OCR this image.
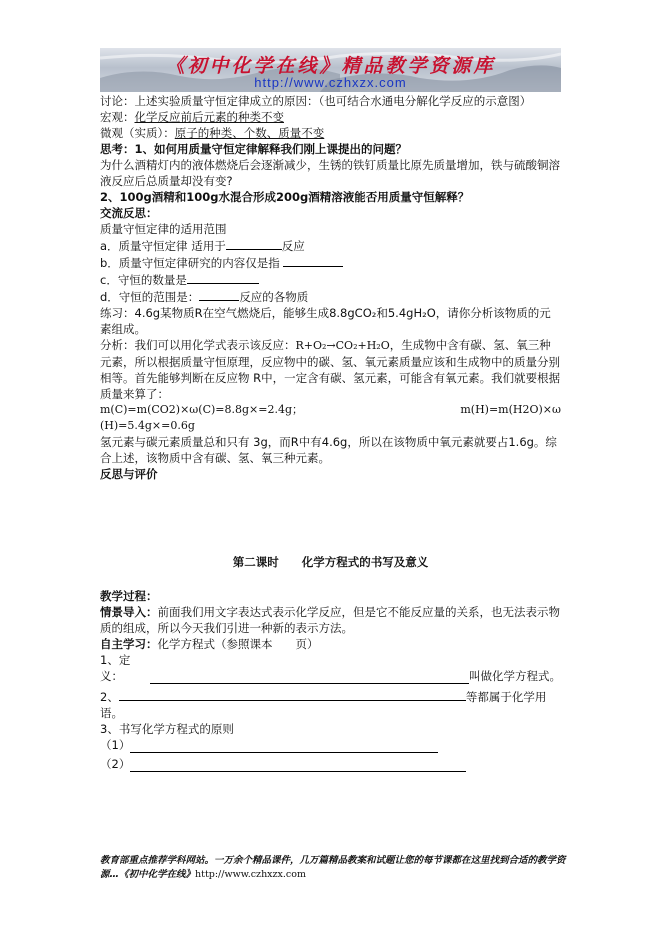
《初中化学在线》精品教学资源库
http://www.czhxzx.com

讨论：上述实验质量守恒定律成立的原因：（也可结合水通电分解化学反应的示意图）

宏观：化学反应前后元素的种类不变

微观（实质）：原子的种类、个数、质量不变

思考：1、如何用质量守恒定律解释我们刚上课提出的问题？

为什么酒精灯内的液体燃烧后会逐渐减少，生锈的铁钉质量比原先质量增加，铁与硫酸铜溶液反应后总质量却没有变?

2、100g酒精和100g水混合形成200g酒精溶液能否用质量守恒解释？

交流反思：

质量守恒定律的适用范围

a．质量守恒定律 适用于	反应

b．质量守恒定律研究的内容仅是指

c．守恒的数量是

d．守恒的范围是：	反应的各物质

练习：4.6g某物质R在空气燃烧后，能够生成8.8gCO₂和5.4gH₂O，请你分析该物质的元素组成。

分析：我们可以用化学式表示该反应：R+O₂→CO₂+H₂O，生成物中含有碳、氢、氧三种元素，所以根据质量守恒原理，反应物中的碳、氢、氧元素质量应该和生成物中的质量分别相等。首先能够判断在反应物 R中，一定含有碳、氢元素，可能含有氧元素。我们就要根据质量来算了：

m(C)=m(CO2)×ω(C)=8.8g×=2.4g；	m(H)=m(H2O)×ω

(H)=5.4g×=0.6g

氢元素与碳元素质量总和只有 3g，而R中有4.6g，所以在该物质中氧元素就要占1.6g。综合上述，该物质中含有碳、氢、氧三种元素。

反思与评价

第二课时　　化学方程式的书写及意义

教学过程：

情景导入：前面我们用文字表达式表示化学反应，但是它不能反应量的关系，也无法表示物质的组成，所以今天我们引进一种新的表示方法。

自主学习：化学方程式（参照课本　　页）

1、定义：	叫做化学方程式。

2、	等都属于化学用语。

3、书写化学方程式的原则

（1）

（2）

教育部重点推荐学科网站。一万余个精品课件，几万篇精品教案和试题让您的每节课都在这里找到合适的教学资源…《初中化学在线》http://www.czhxzx.com
